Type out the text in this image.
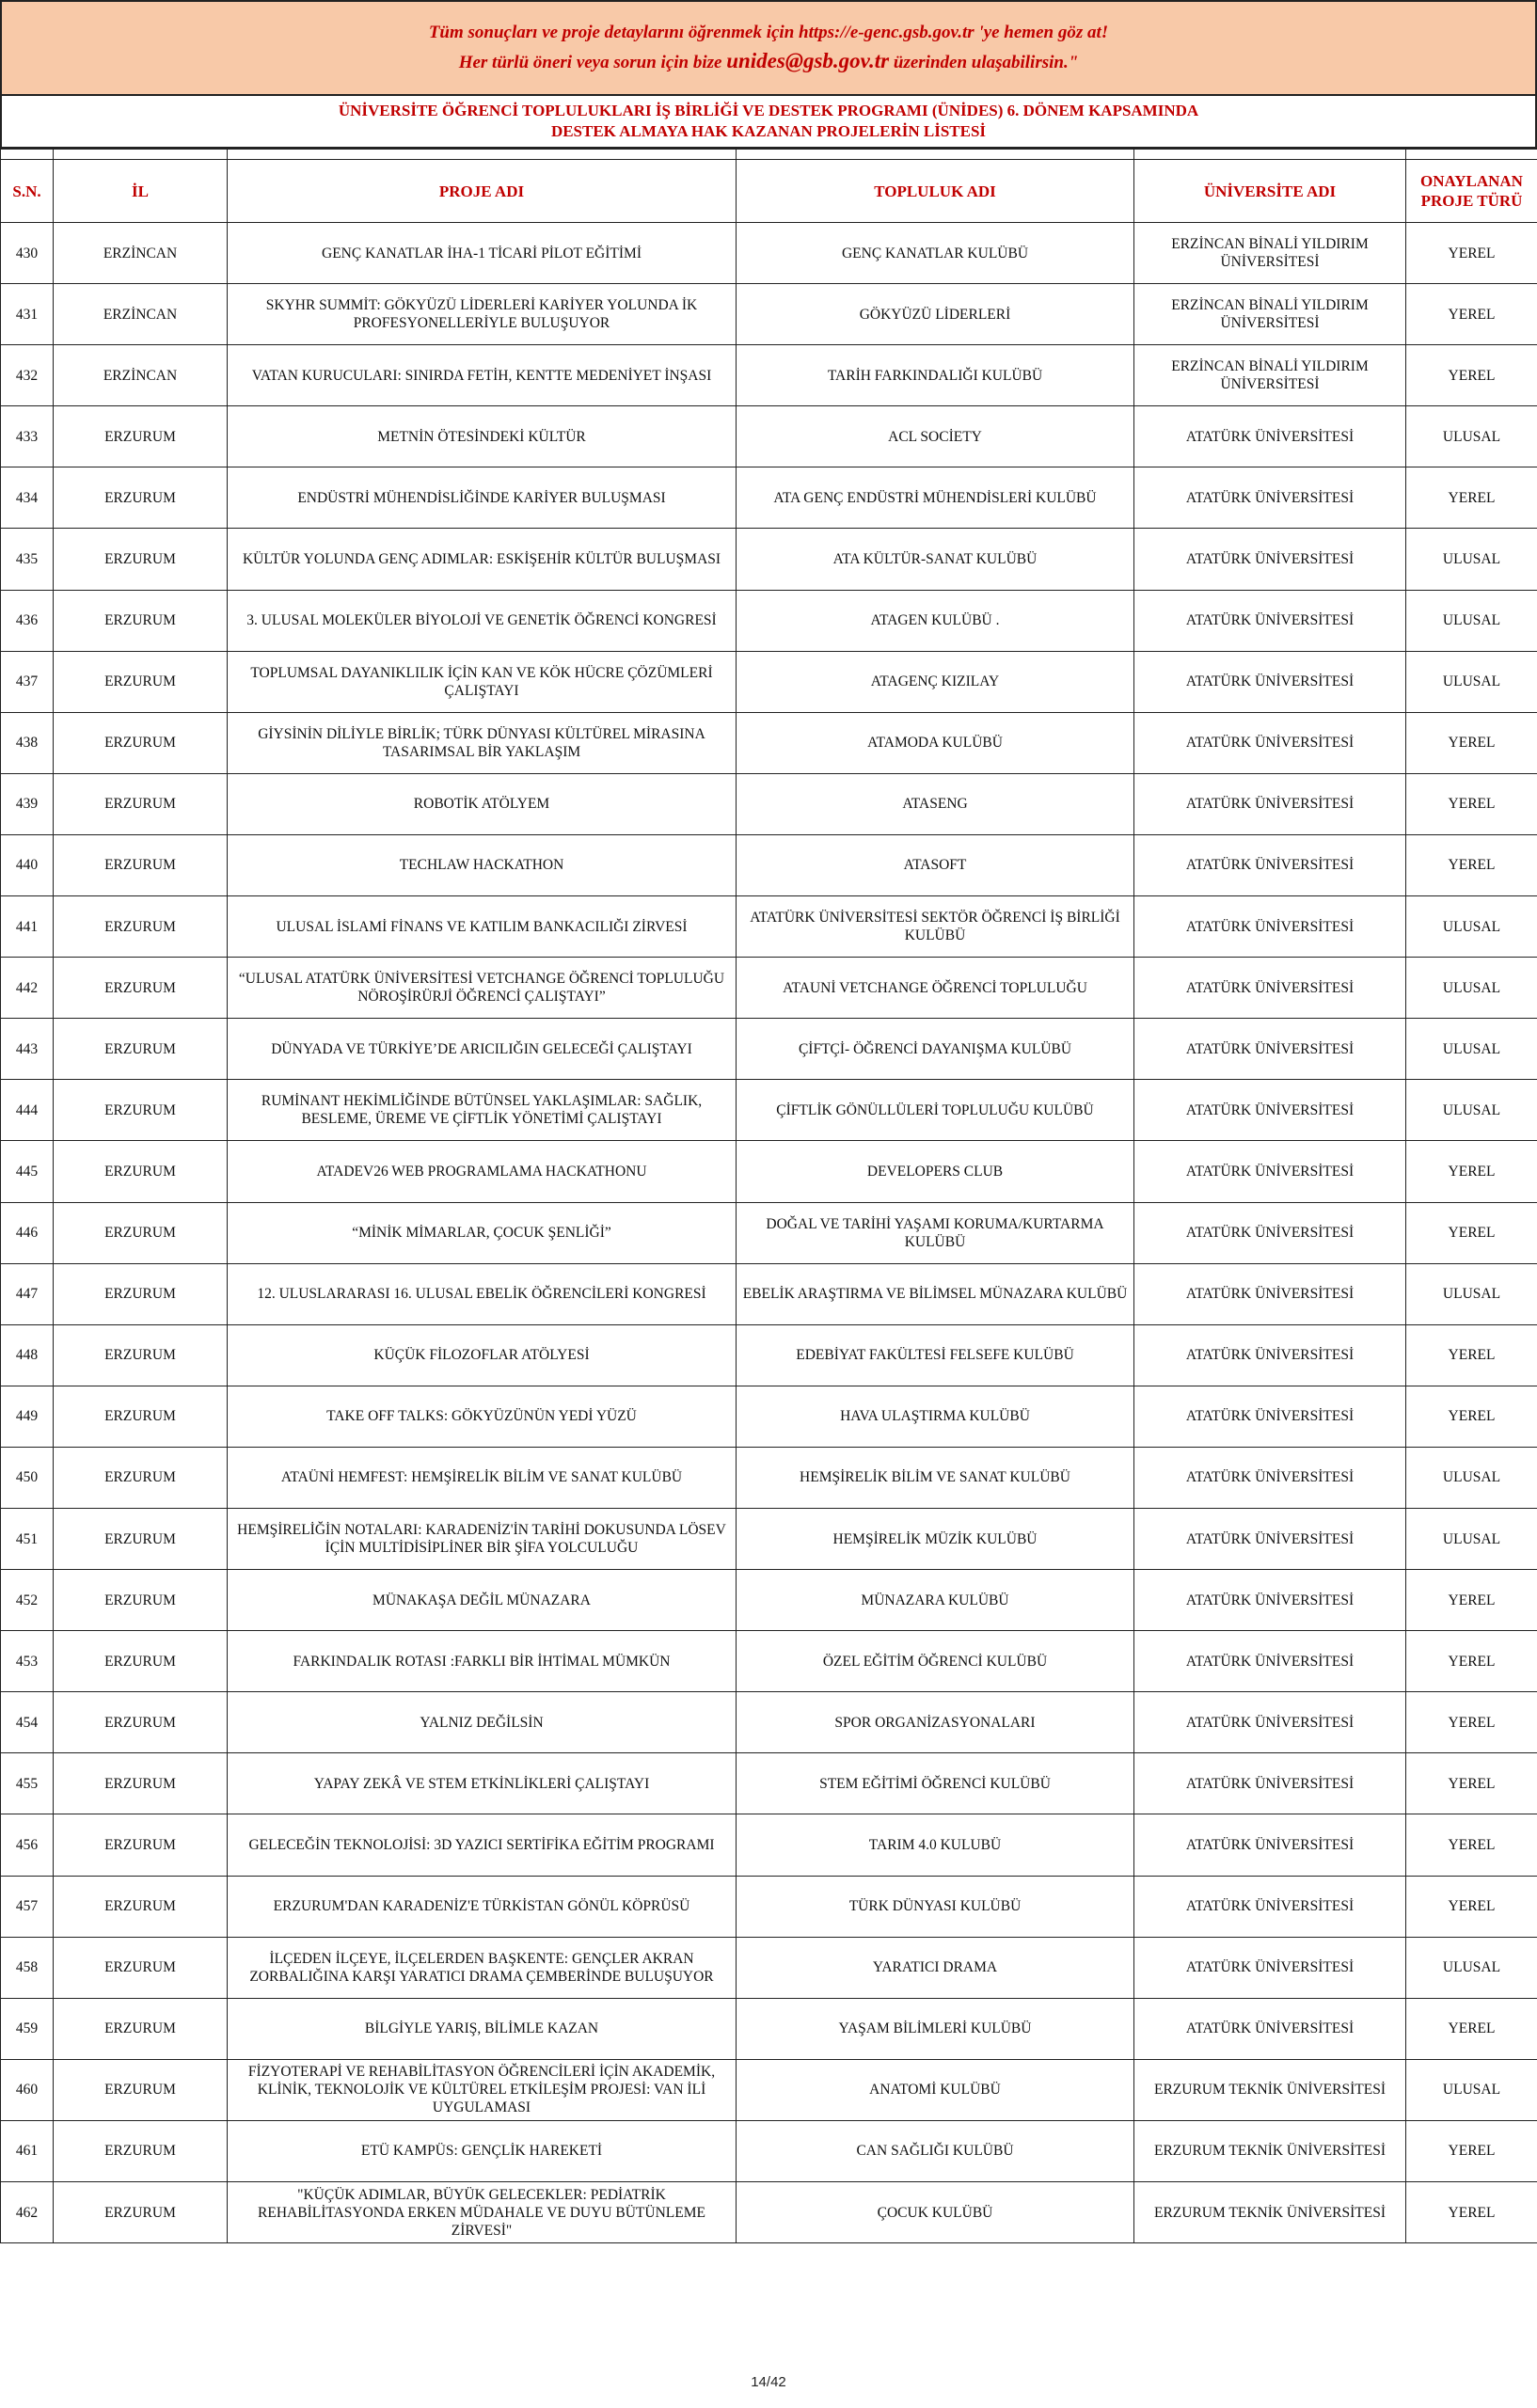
Tüm sonuçları ve proje detaylarını öğrenmek için https://e-genc.gsb.gov.tr 'ye hemen göz at!
Her türlü öneri veya sorun için bize unides@gsb.gov.tr üzerinden ulaşabilirsin."
ÜNİVERSİTE ÖĞRENCİ TOPLULUKLARI İŞ BİRLİĞİ VE DESTEK PROGRAMI (ÜNİDES) 6. DÖNEM KAPSAMINDA
DESTEK ALMAYA HAK KAZANAN PROJELERİN LİSTESİ

S.N.	İL	PROJE ADI	TOPLULUK ADI	ÜNİVERSİTE ADI	ONAYLANAN PROJE TÜRÜ
430	ERZİNCAN	GENÇ KANATLAR İHA-1 TİCARİ PİLOT EĞİTİMİ	GENÇ KANATLAR KULÜBÜ	ERZİNCAN BİNALİ YILDIRIM ÜNİVERSİTESİ	YEREL
431	ERZİNCAN	SKYHR SUMMİT: GÖKYÜZÜ LİDERLERİ KARİYER YOLUNDA İK PROFESYONELLERİYLE BULUŞUYOR	GÖKYÜZÜ LİDERLERİ	ERZİNCAN BİNALİ YILDIRIM ÜNİVERSİTESİ	YEREL
432	ERZİNCAN	VATAN KURUCULARI: SINIRDA FETİH, KENTTE MEDENİYET İNŞASI	TARİH FARKINDALIĞI KULÜBÜ	ERZİNCAN BİNALİ YILDIRIM ÜNİVERSİTESİ	YEREL
433	ERZURUM	METNİN ÖTESİNDEKİ KÜLTÜR	ACL SOCİETY	ATATÜRK ÜNİVERSİTESİ	ULUSAL
434	ERZURUM	ENDÜSTRİ MÜHENDİSLİĞİNDE KARİYER BULUŞMASI	ATA GENÇ ENDÜSTRİ MÜHENDİSLERİ KULÜBÜ	ATATÜRK ÜNİVERSİTESİ	YEREL
435	ERZURUM	KÜLTÜR YOLUNDA GENÇ ADIMLAR: ESKİŞEHİR KÜLTÜR BULUŞMASI	ATA KÜLTÜR-SANAT KULÜBÜ	ATATÜRK ÜNİVERSİTESİ	ULUSAL
436	ERZURUM	3. ULUSAL MOLEKÜLER BİYOLOJİ VE GENETİK ÖĞRENCİ KONGRESİ	ATAGEN KULÜBÜ .	ATATÜRK ÜNİVERSİTESİ	ULUSAL
437	ERZURUM	TOPLUMSAL DAYANIKLILIK İÇİN KAN VE KÖK HÜCRE ÇÖZÜMLERİ ÇALIŞTAYI	ATAGENÇ KIZILAY	ATATÜRK ÜNİVERSİTESİ	ULUSAL
438	ERZURUM	GİYSİNİN DİLİYLE BİRLİK; TÜRK DÜNYASI KÜLTÜREL MİRASINA TASARIMSAL BİR YAKLAŞIM	ATAMODA KULÜBÜ	ATATÜRK ÜNİVERSİTESİ	YEREL
439	ERZURUM	ROBOTİK ATÖLYEM	ATASENG	ATATÜRK ÜNİVERSİTESİ	YEREL
440	ERZURUM	TECHLAW HACKATHON	ATASOFT	ATATÜRK ÜNİVERSİTESİ	YEREL
441	ERZURUM	ULUSAL İSLAMİ FİNANS VE KATILIM BANKACILIĞI ZİRVESİ	ATATÜRK ÜNİVERSİTESİ SEKTÖR ÖĞRENCİ İŞ BİRLİĞİ KULÜBÜ	ATATÜRK ÜNİVERSİTESİ	ULUSAL
442	ERZURUM	“ULUSAL ATATÜRK ÜNİVERSİTESİ VETCHANGE ÖĞRENCİ TOPLULUĞU NÖROŞİRÜRJİ ÖĞRENCİ ÇALIŞTAYI”	ATAUNİ VETCHANGE ÖĞRENCİ TOPLULUĞU	ATATÜRK ÜNİVERSİTESİ	ULUSAL
443	ERZURUM	DÜNYADA VE TÜRKİYE’DE ARICILIĞIN GELECEĞİ ÇALIŞTAYI	ÇİFTÇİ- ÖĞRENCİ DAYANIŞMA KULÜBÜ	ATATÜRK ÜNİVERSİTESİ	ULUSAL
444	ERZURUM	RUMİNANT HEKİMLİĞİNDE BÜTÜNSEL YAKLAŞIMLAR: SAĞLIK, BESLEME, ÜREME VE ÇİFTLİK YÖNETİMİ ÇALIŞTAYI	ÇİFTLİK GÖNÜLLÜLERİ TOPLULUĞU KULÜBÜ	ATATÜRK ÜNİVERSİTESİ	ULUSAL
445	ERZURUM	ATADEV26 WEB PROGRAMLAMA HACKATHONU	DEVELOPERS CLUB	ATATÜRK ÜNİVERSİTESİ	YEREL
446	ERZURUM	“MİNİK MİMARLAR, ÇOCUK ŞENLİĞİ”	DOĞAL VE TARİHİ YAŞAMI KORUMA/KURTARMA KULÜBÜ	ATATÜRK ÜNİVERSİTESİ	YEREL
447	ERZURUM	12. ULUSLARARASI 16. ULUSAL EBELİK ÖĞRENCİLERİ KONGRESİ	EBELİK ARAŞTIRMA VE BİLİMSEL MÜNAZARA KULÜBÜ	ATATÜRK ÜNİVERSİTESİ	ULUSAL
448	ERZURUM	KÜÇÜK FİLOZOFLAR ATÖLYESİ	EDEBİYAT FAKÜLTESİ FELSEFE KULÜBÜ	ATATÜRK ÜNİVERSİTESİ	YEREL
449	ERZURUM	TAKE OFF TALKS: GÖKYÜZÜNÜN YEDİ YÜZÜ	HAVA ULAŞTIRMA KULÜBÜ	ATATÜRK ÜNİVERSİTESİ	YEREL
450	ERZURUM	ATAÜNİ HEMFEST: HEMŞİRELİK BİLİM VE SANAT KULÜBÜ	HEMŞİRELİK BİLİM VE SANAT KULÜBÜ	ATATÜRK ÜNİVERSİTESİ	ULUSAL
451	ERZURUM	HEMŞİRELİĞİN NOTALARI: KARADENİZ'İN TARİHİ DOKUSUNDA LÖSEV İÇİN MULTİDİSİPLİNER BİR ŞİFA YOLCULUĞU	HEMŞİRELİK MÜZİK KULÜBÜ	ATATÜRK ÜNİVERSİTESİ	ULUSAL
452	ERZURUM	MÜNAKAŞA DEĞİL MÜNAZARA	MÜNAZARA KULÜBÜ	ATATÜRK ÜNİVERSİTESİ	YEREL
453	ERZURUM	FARKINDALIK ROTASI :FARKLI BİR İHTİMAL MÜMKÜN	ÖZEL EĞİTİM ÖĞRENCİ KULÜBÜ	ATATÜRK ÜNİVERSİTESİ	YEREL
454	ERZURUM	YALNIZ DEĞİLSİN	SPOR ORGANİZASYONALARI	ATATÜRK ÜNİVERSİTESİ	YEREL
455	ERZURUM	YAPAY ZEKÂ VE STEM ETKİNLİKLERİ ÇALIŞTAYI	STEM EĞİTİMİ ÖĞRENCİ KULÜBÜ	ATATÜRK ÜNİVERSİTESİ	YEREL
456	ERZURUM	GELECEĞİN TEKNOLOJİSİ: 3D YAZICI SERTİFİKA EĞİTİM PROGRAMI	TARIM 4.0 KULUBÜ	ATATÜRK ÜNİVERSİTESİ	YEREL
457	ERZURUM	ERZURUM'DAN KARADENİZ'E TÜRKİSTAN GÖNÜL KÖPRÜSÜ	TÜRK DÜNYASI KULÜBÜ	ATATÜRK ÜNİVERSİTESİ	YEREL
458	ERZURUM	İLÇEDEN İLÇEYE, İLÇELERDEN BAŞKENTE: GENÇLER AKRAN ZORBALIĞINA KARŞI YARATICI DRAMA ÇEMBERİNDE BULUŞUYOR	YARATICI DRAMA	ATATÜRK ÜNİVERSİTESİ	ULUSAL
459	ERZURUM	BİLGİYLE YARIŞ, BİLİMLE KAZAN	YAŞAM BİLİMLERİ KULÜBÜ	ATATÜRK ÜNİVERSİTESİ	YEREL
460	ERZURUM	FİZYOTERAPİ VE REHABİLİTASYON ÖĞRENCİLERİ İÇİN AKADEMİK, KLİNİK, TEKNOLOJİK VE KÜLTÜREL ETKİLEŞİM PROJESİ: VAN İLİ UYGULAMASI	ANATOMİ KULÜBÜ	ERZURUM TEKNİK ÜNİVERSİTESİ	ULUSAL
461	ERZURUM	ETÜ KAMPÜS: GENÇLİK HAREKETİ	CAN SAĞLIĞI KULÜBÜ	ERZURUM TEKNİK ÜNİVERSİTESİ	YEREL
462	ERZURUM	"KÜÇÜK ADIMLAR, BÜYÜK GELECEKLER: PEDİATRİK REHABİLİTASYONDA ERKEN MÜDAHALE VE DUYU BÜTÜNLEME ZİRVESİ"	ÇOCUK KULÜBÜ	ERZURUM TEKNİK ÜNİVERSİTESİ	YEREL
14/42
